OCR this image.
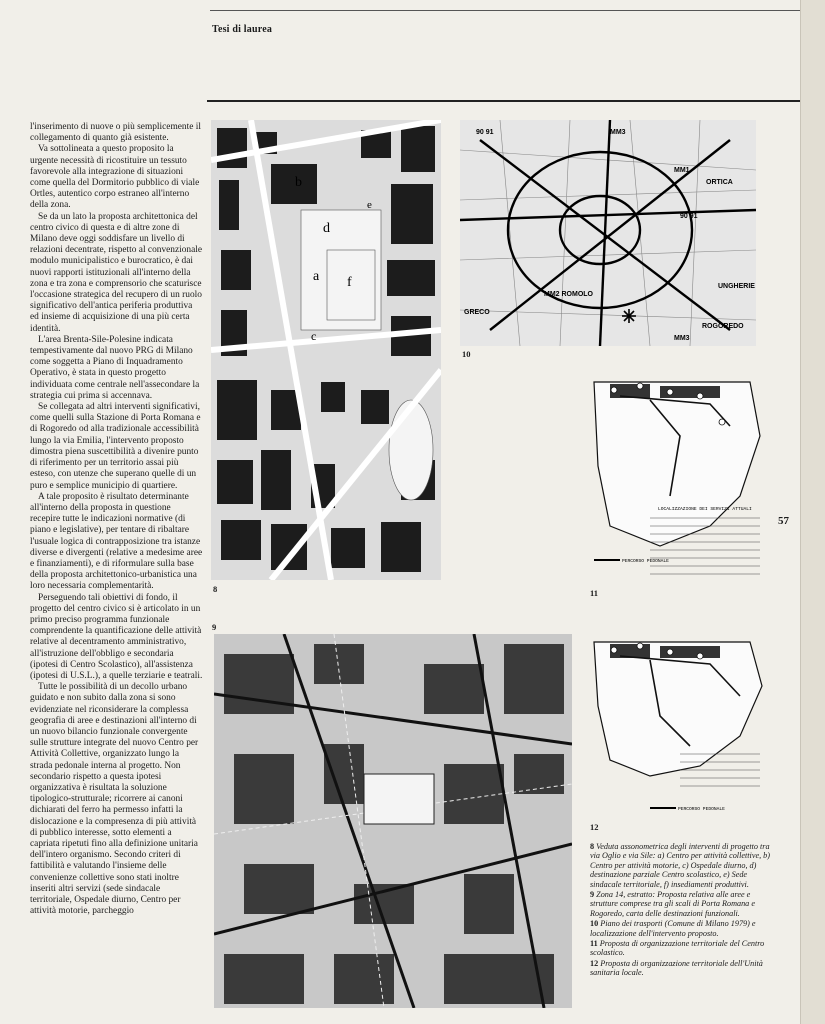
Tesi di laurea
57

l'inserimento di nuove o più semplicemente il collegamento di quanto già esistente.

Va sottolineata a questo proposito la urgente necessità di ricostituire un tessuto favorevole alla integrazione di situazioni come quella del Dormitorio pubblico di viale Ortles, autentico corpo estraneo all'interno della zona.

Se da un lato la proposta architettonica del centro civico di questa e di altre zone di Milano deve oggi soddisfare un livello di relazioni decentrate, rispetto al convenzionale modulo municipalistico e burocratico, è dai nuovi rapporti istituzionali all'interno della zona e tra zona e comprensorio che scaturisce l'occasione strategica del recupero di un ruolo significativo dell'antica periferia produttiva ed insieme di acquisizione di una più certa identità.

L'area Brenta-Sile-Polesine indicata tempestivamente dal nuovo PRG di Milano come soggetta a Piano di Inquadramento Operativo, è stata in questo progetto individuata come centrale nell'assecondare la strategia cui prima si accennava.

Se collegata ad altri interventi significativi, come quelli sulla Stazione di Porta Romana e di Rogoredo od alla tradizionale accessibilità lungo la via Emilia, l'intervento proposto dimostra piena suscettibilità a divenire punto di riferimento per un territorio assai più esteso, con utenze che superano quelle di un puro e semplice municipio di quartiere.

A tale proposito è risultato determinante all'interno della proposta in questione recepire tutte le indicazioni normative (di piano e legislative), per tentare di ribaltare l'usuale logica di contrapposizione tra istanze diverse e divergenti (relative a medesime aree e finanziamenti), e di riformulare sulla base della proposta architettonico-urbanistica una loro necessaria complementarità.

Perseguendo tali obiettivi di fondo, il progetto del centro civico si è articolato in un primo preciso programma funzionale comprendente la quantificazione delle attività relative al decentramento amministrativo, all'istruzione dell'obbligo e secondaria (ipotesi di Centro Scolastico), all'assistenza (ipotesi di U.S.L.), a quelle terziarie e teatrali.

Tutte le possibilità di un decollo urbano guidato e non subito dalla zona si sono evidenziate nel riconsiderare la complessa geografia di aree e destinazioni all'interno di un nuovo bilancio funzionale convergente sulle strutture integrate del nuovo Centro per Attività Collettive, organizzato lungo la strada pedonale interna al progetto. Non secondario rispetto a questa ipotesi organizzativa è risultata la soluzione tipologico-strutturale; ricorrere ai canoni dichiarati del ferro ha permesso infatti la dislocazione e la compresenza di più attività di pubblico interesse, sotto elementi a capriata ripetuti fino alla definizione unitaria dell'intero organismo. Secondo criteri di fattibilità e valutando l'insieme delle convenienze collettive sono stati inoltre inseriti altri servizi (sede sindacale territoriale, Ospedale diurno, Centro per attività motorie, parcheggio

b
d
e
a f
c
8
9
MM3
ORTICA
MM1
MM2 ROMOLO
GRECO
UNGHERIE
MM3
ROGOREDO
90 91
90 91
10
LOCALIZZAZIONE DEI SERVIZI ATTUALI
PERCORSO PEDONALE
11
PERCORSO PEDONALE
12

8 Veduta assonometrica degli interventi di progetto tra via Oglio e via Sile: a) Centro per attività collettive, b) Centro per attività motorie, c) Ospedale diurno, d) destinazione parziale Centro scolastico, e) Sede sindacale territoriale, f) insediamenti produttivi.

9 Zona 14, estratto: Proposta relativa alle aree e strutture comprese tra gli scali di Porta Romana e Rogoredo, carta delle destinazioni funzionali.

10 Piano dei trasporti (Comune di Milano 1979) e localizzazione dell'intervento proposto.

11 Proposta di organizzazione territoriale del Centro scolastico.

12 Proposta di organizzazione territoriale dell'Unità sanitaria locale.
